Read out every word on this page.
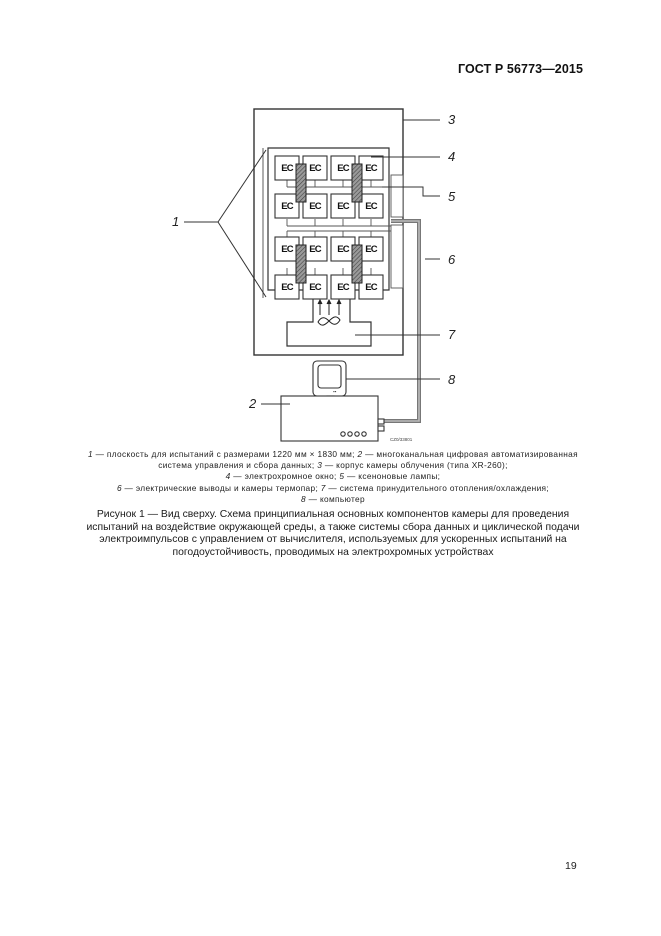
ГОСТ Р 56773—2015
EC EC EC EC
EC EC EC EC
EC EC EC EC
EC EC EC EC
▪▪
CZ0/33801
3
4
5
6
7
8
2
1
1 — плоскость для испытаний с размерами 1220 мм × 1830 мм; 2 — многоканальная цифровая автоматизированная
система управления и сбора данных; 3 — корпус камеры облучения (типа XR-260);
4 — электрохромное окно; 5 — ксеноновые лампы;
6 — электрические выводы и камеры термопар; 7 — система принудительного отопления/охлаждения;
8 — компьютер
Рисунок 1 — Вид сверху. Схема принципиальная основных компонентов камеры для проведения
испытаний на воздействие окружающей среды, а также системы сбора данных и циклической подачи
электроимпульсов с управлением от вычислителя, используемых для ускоренных испытаний на
погодоустойчивость, проводимых на электрохромных устройствах
19
